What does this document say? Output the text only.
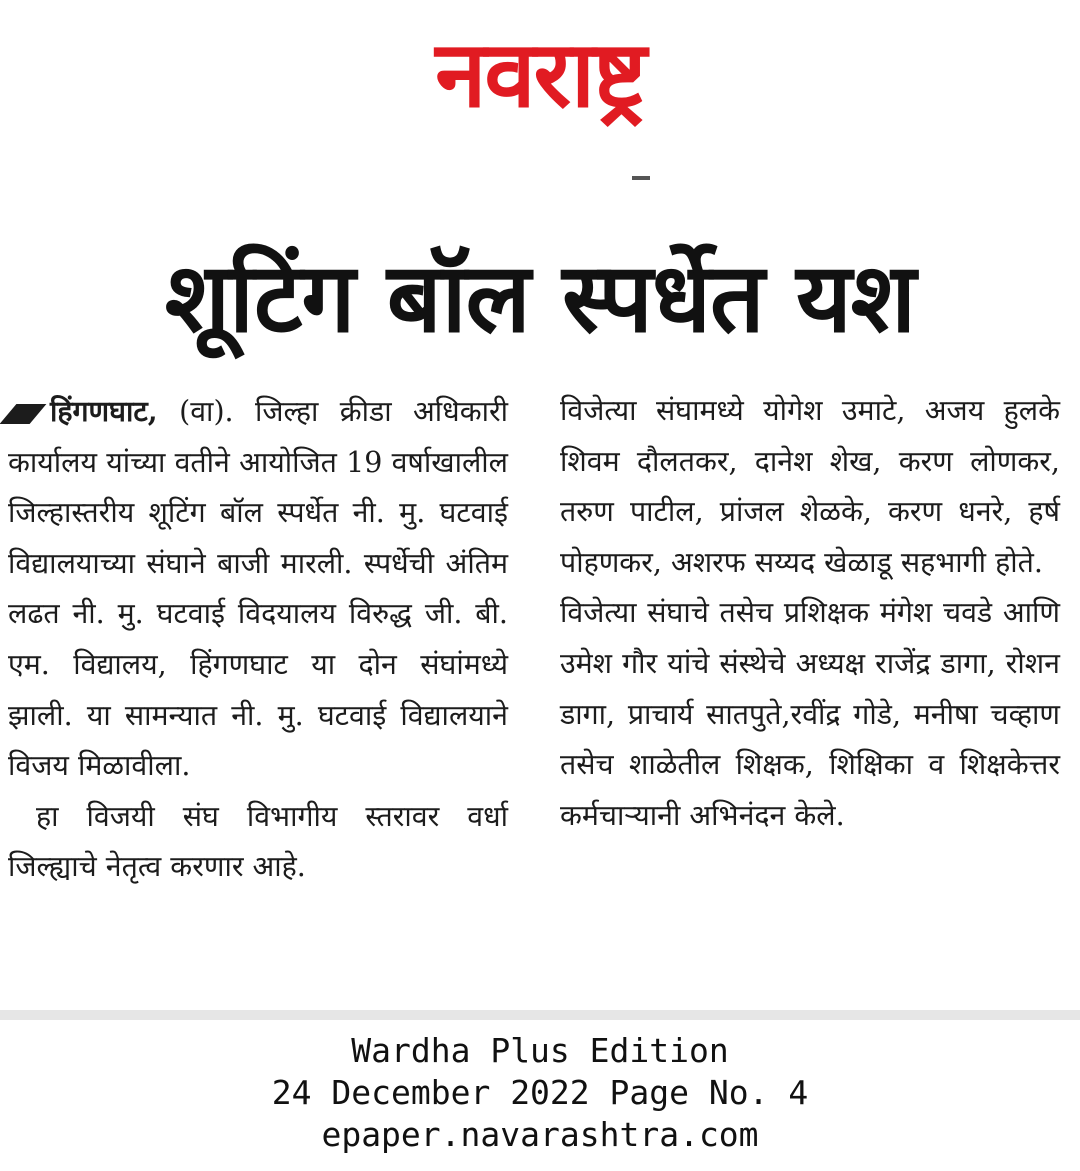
नवराष्ट्र
शूटिंग बॉल स्पर्धेत यश

हिंगणघाट, (वा). जिल्हा क्रीडा अधिकारी कार्यालय यांच्या वतीने आयोजित 19 वर्षाखालील जिल्हास्तरीय शूटिंग बॉल स्पर्धेत नी. मु. घटवाई विद्यालयाच्या संघाने बाजी मारली. स्पर्धेची अंतिम लढत नी. मु. घटवाई विदयालय विरुद्ध जी. बी. एम. विद्यालय, हिंगणघाट या दोन संघांमध्ये झाली. या सामन्यात नी. मु. घटवाई विद्यालयाने विजय मिळावीला.

हा विजयी संघ विभागीय स्तरावर वर्धा जिल्ह्याचे नेतृत्व करणार आहे.

विजेत्या संघामध्ये योगेश उमाटे, अजय हुलके शिवम दौलतकर, दानेश शेख, करण लोणकर, तरुण पाटील, प्रांजल शेळके, करण धनरे, हर्ष पोहणकर, अशरफ सय्यद खेळाडू सहभागी होते.

विजेत्या संघाचे तसेच प्रशिक्षक मंगेश चवडे आणि उमेश गौर यांचे संस्थेचे अध्यक्ष राजेंद्र डागा, रोशन डागा, प्राचार्य सातपुते,रवींद्र गोडे, मनीषा चव्हाण तसेच शाळेतील शिक्षक, शिक्षिका व शिक्षकेत्तर कर्मचाऱ्यानी अभिनंदन केले.

Wardha Plus Edition
24 December 2022 Page No. 4
epaper.navarashtra.com
